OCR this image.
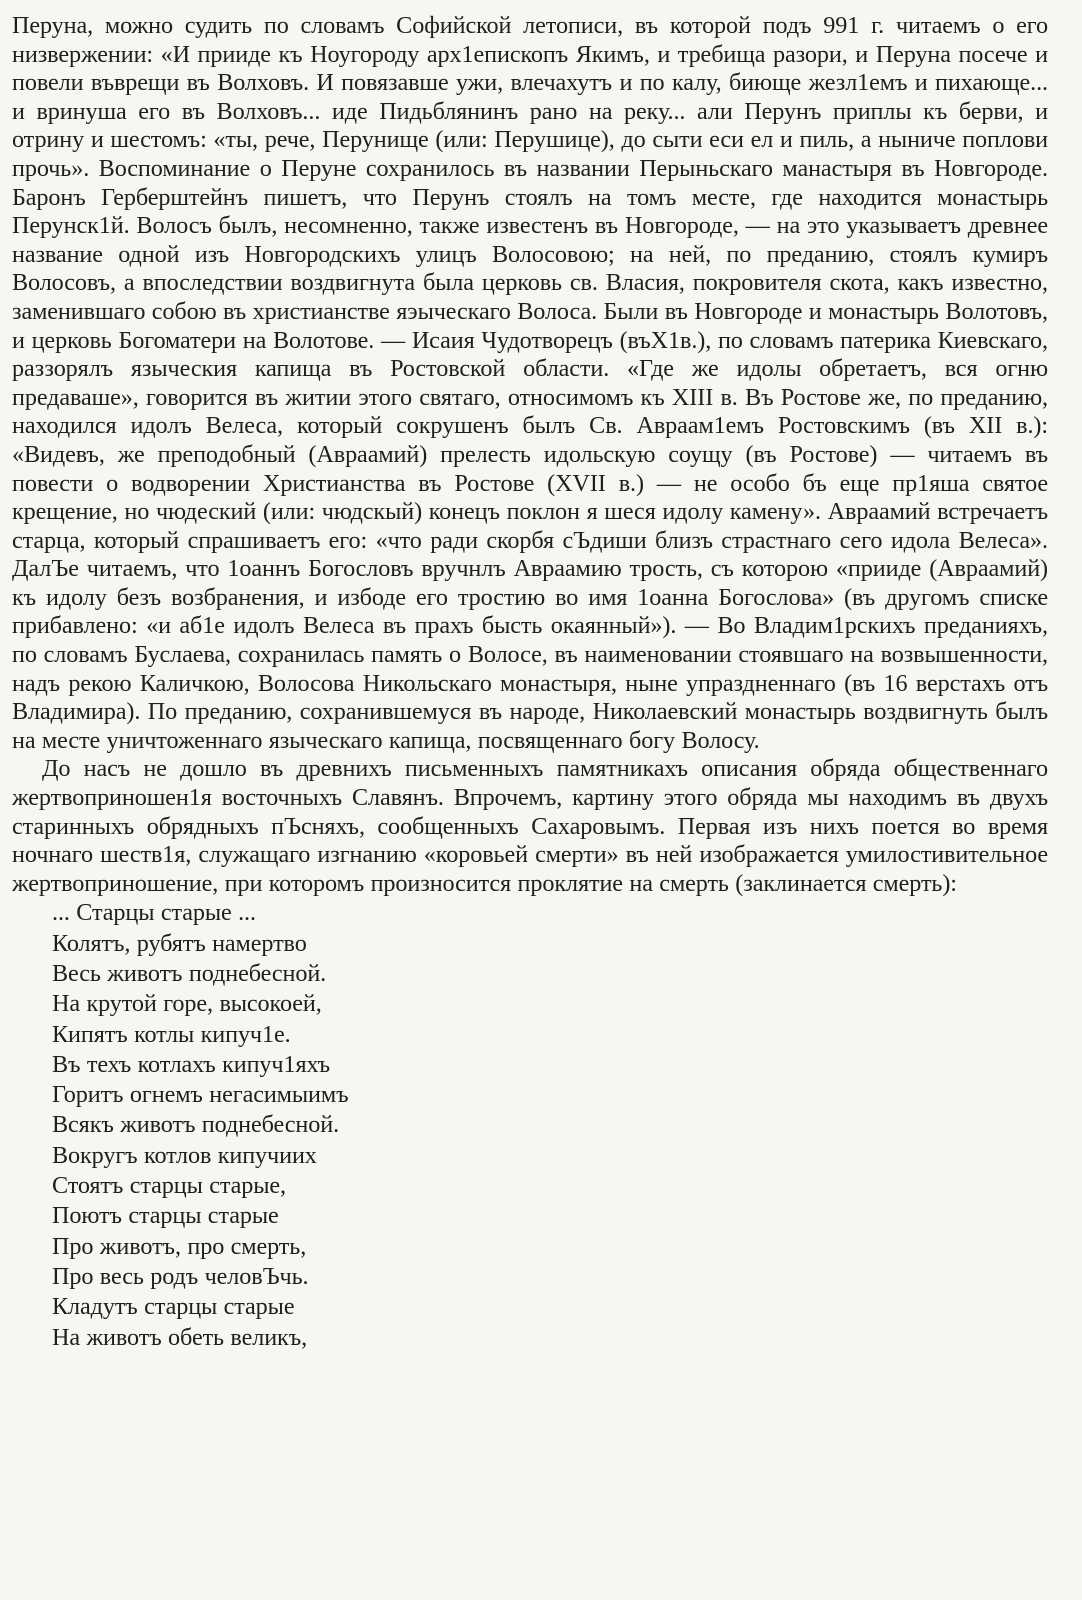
Перуна, можно судить по словамъ Софийской летописи, въ которой подъ 991 г. читаемъ о его низвержении: «И прииде къ Ноугороду арх1епископъ Якимъ, и требища разори, и Перуна посече и повели въврещи въ Волховъ. И повязавше ужи, влечахутъ и по калу, биюще жезл1емъ и пихающе... и вринуша его въ Волховъ... иде Пидьблянинъ рано на реку... али Перунъ приплы къ берви, и отрину и шестомъ: «ты, рече, Перунище (или: Перушице), до сыти еси ел и пиль, а ныниче поплови прочь». Воспоминание о Перуне сохранилось въ названии Перыньскаго манастыря въ Новгороде. Баронъ Герберштейнъ пишетъ, что Перунъ стоялъ на томъ месте, где находится монастырь Перунск1й. Волосъ былъ, несомненно, также известенъ въ Новгороде, — на это указываетъ древнее название одной изъ Новгородскихъ улицъ Волосовою; на ней, по преданию, стоялъ кумиръ Волосовъ, а впоследствии воздвигнута была церковь св. Власия, покровителя скота, какъ известно, заменившаго собою въ христианстве яэыческаго Волоса. Были въ Новгороде и монастырь Волотовъ, и церковь Богоматери на Волотове. — Исаия Чудотворецъ (въХ1в.), по словамъ патерика Киевскаго, раззорялъ языческия капища въ Ростовской области. «Где же идолы обретаетъ, вся огню предаваше», говорится въ житии этого святаго, относимомъ къ XIII в. Въ Ростове же, по преданию, находился идолъ Велеса, который сокрушенъ былъ Св. Авраам1емъ Ростовскимъ (въ XII в.): «Видевъ, же преподобный (Авраамий) прелесть идольскую соущу (въ Ростове) — читаемъ въ повести о водворении Христианства въ Ростове (XVII в.) — не особо бъ еще пр1яша святое крещение, но чюдеский (или: чюдскый) конецъ поклон я шеся идолу камену». Авраамий встречаетъ старца, который спрашиваетъ его: «что ради скорбя сЪдиши близъ страстнаго сего идола Велеса». ДалЪе читаемъ, что 1оаннъ Богословъ вручнлъ Авраамию трость, съ которою «прииде (Авраамий) къ идолу безъ возбранения, и избоде его тростию во имя 1оанна Богослова» (въ другомъ списке прибавлено: «и аб1е идолъ Велеса въ прахъ бысть окаянный»). — Во Владим1рскихъ преданияхъ, по словамъ Буслаева, сохранилась память о Волосе, въ наименовании стоявшаго на возвышенности, надъ рекою Каличкою, Волосова Никольскаго монастыря, ныне упраздненнаго (въ 16 верстахъ отъ Владимира). По преданию, сохранившемуся въ народе, Николаевский монастырь воздвигнуть былъ на месте уничтоженнаго языческаго капища, посвященнаго богу Волосу.

До насъ не дошло въ древнихъ письменныхъ памятникахъ описания обряда общественнаго жертвоприношен1я восточныхъ Славянъ. Впрочемъ, картину этого обряда мы находимъ въ двухъ старинныхъ обрядныхъ пЪсняхъ, сообщенныхъ Сахаровымъ. Первая изъ нихъ поется во время ночнаго шеств1я, служащаго изгнанию «коровьей смерти» въ ней изображается умилостивительное жертвоприношение, при которомъ произносится проклятие на смерть (заклинается смерть):

... Старцы старые ...
Колятъ, рубятъ намертво
Весь животъ поднебесной.
На крутой горе, высокоей,
Кипятъ котлы кипуч1е.
Въ техъ котлахъ кипуч1яхъ
Горитъ огнемъ негасимыимъ
Всякъ животъ поднебесной.
Вокругъ котлов кипучиих
Стоятъ старцы старые,
Поютъ старцы старые
Про животъ, про смерть,
Про весь родъ человЪчь.
Кладутъ старцы старые
На животъ обеть великъ,
